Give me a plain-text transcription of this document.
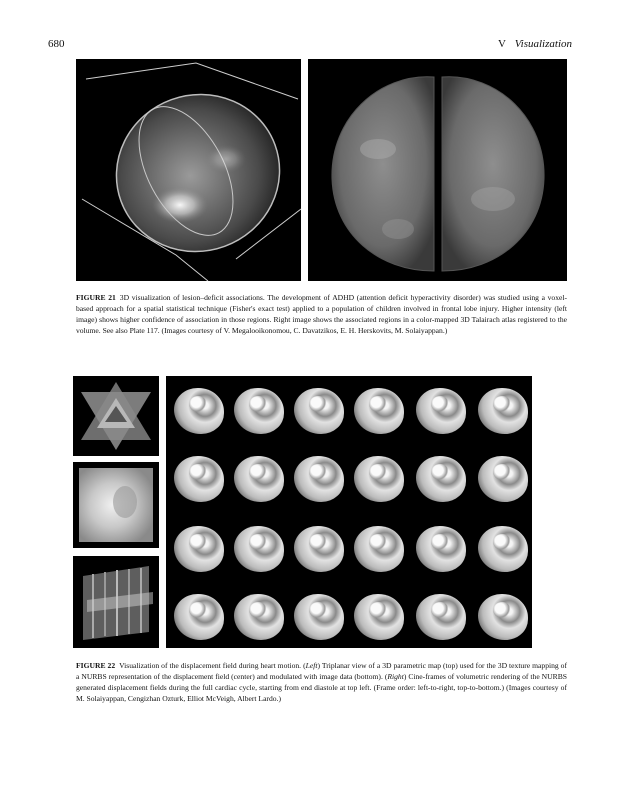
680	V Visualization
FIGURE 21 3D visualization of lesion–deficit associations. The development of ADHD (attention deficit hyperactivity disorder) was studied using a voxel-based approach for a spatial statistical technique (Fisher's exact test) applied to a population of children involved in frontal lobe injury. Higher intensity (left image) shows higher confidence of association in those regions. Right image shows the associated regions in a color-mapped 3D Talairach atlas registered to the volume. See also Plate 117. (Images courtesy of V. Megalooikonomou, C. Davatzikos, E. H. Herskovits, M. Solaiyappan.)
FIGURE 22 Visualization of the displacement field during heart motion. (Left) Triplanar view of a 3D parametric map (top) used for the 3D texture mapping of a NURBS representation of the displacement field (center) and modulated with image data (bottom). (Right) Cine-frames of volumetric rendering of the NURBS generated displacement fields during the full cardiac cycle, starting from end diastole at top left. (Frame order: left-to-right, top-to-bottom.) (Images courtesy of M. Solaiyappan, Cengizhan Ozturk, Elliot McVeigh, Albert Lardo.)
